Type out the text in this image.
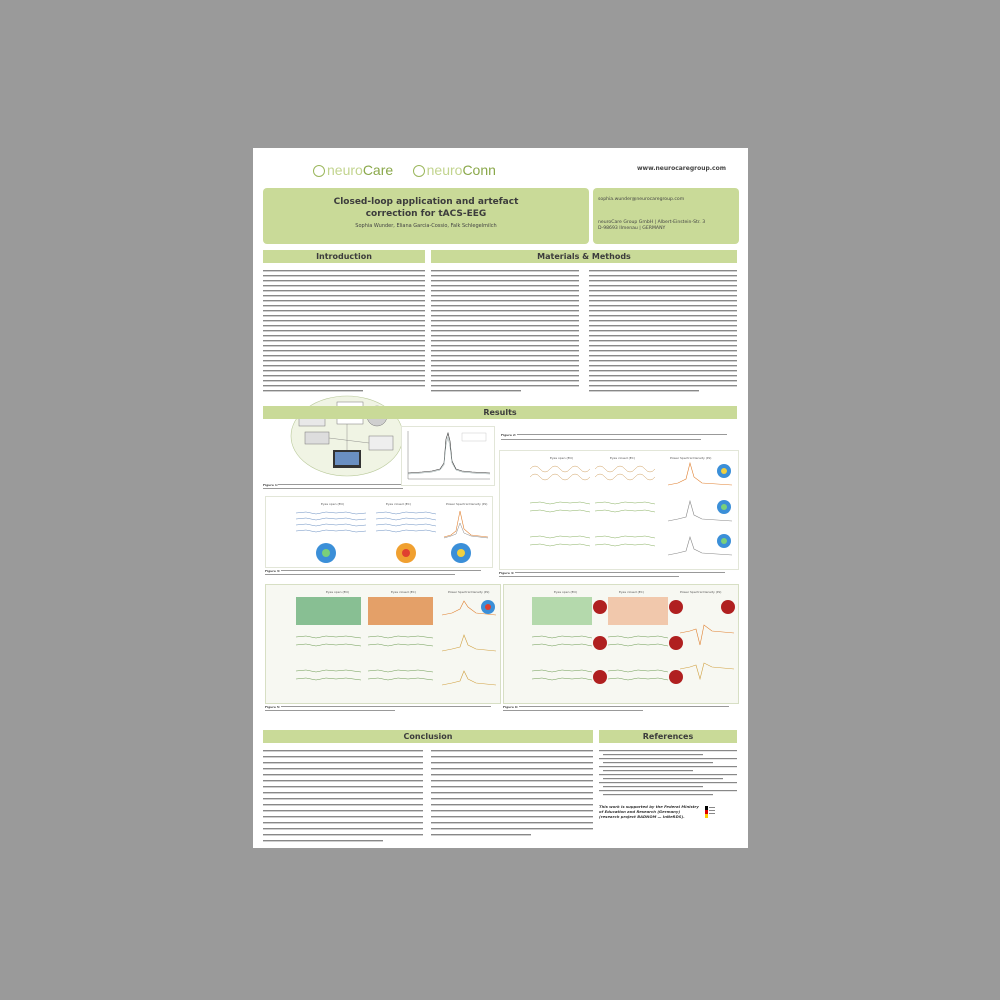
neuroCare neuroConn	www.neurocaregroup.com
Closed-loop application and artefact
correction for tACS-EEG
Sophia Wunder, Eliana Garcia-Cossio, Falk Schlegelmilch
sophia.wunder@neurocaregroup.com
neuroCare Group GmbH | Albert-Einstein-Str. 3
D-98693 Ilmenau | GERMANY
Introduction
Figure 1:
Materials & Methods
Results
Figure 2:
Eyes open (EO)	Eyes closed (EC)	Power Spectral Density (Pz)
Figure 3:
Eyes open (EO)	Eyes closed (EC)	Power Spectral Density (Pz)
Figure 4:
Eyes open (EO)	Eyes closed (EC)	Power Spectral Density (Pz)
Figure 5:
Eyes open (EO)	Eyes closed (EC)	Power Spectral Density (Pz)
Figure 6:
Conclusion	References
This work is supported by the Federal Ministry of Education and Research (Germany) (research project BADNOM — InNeRDS).
